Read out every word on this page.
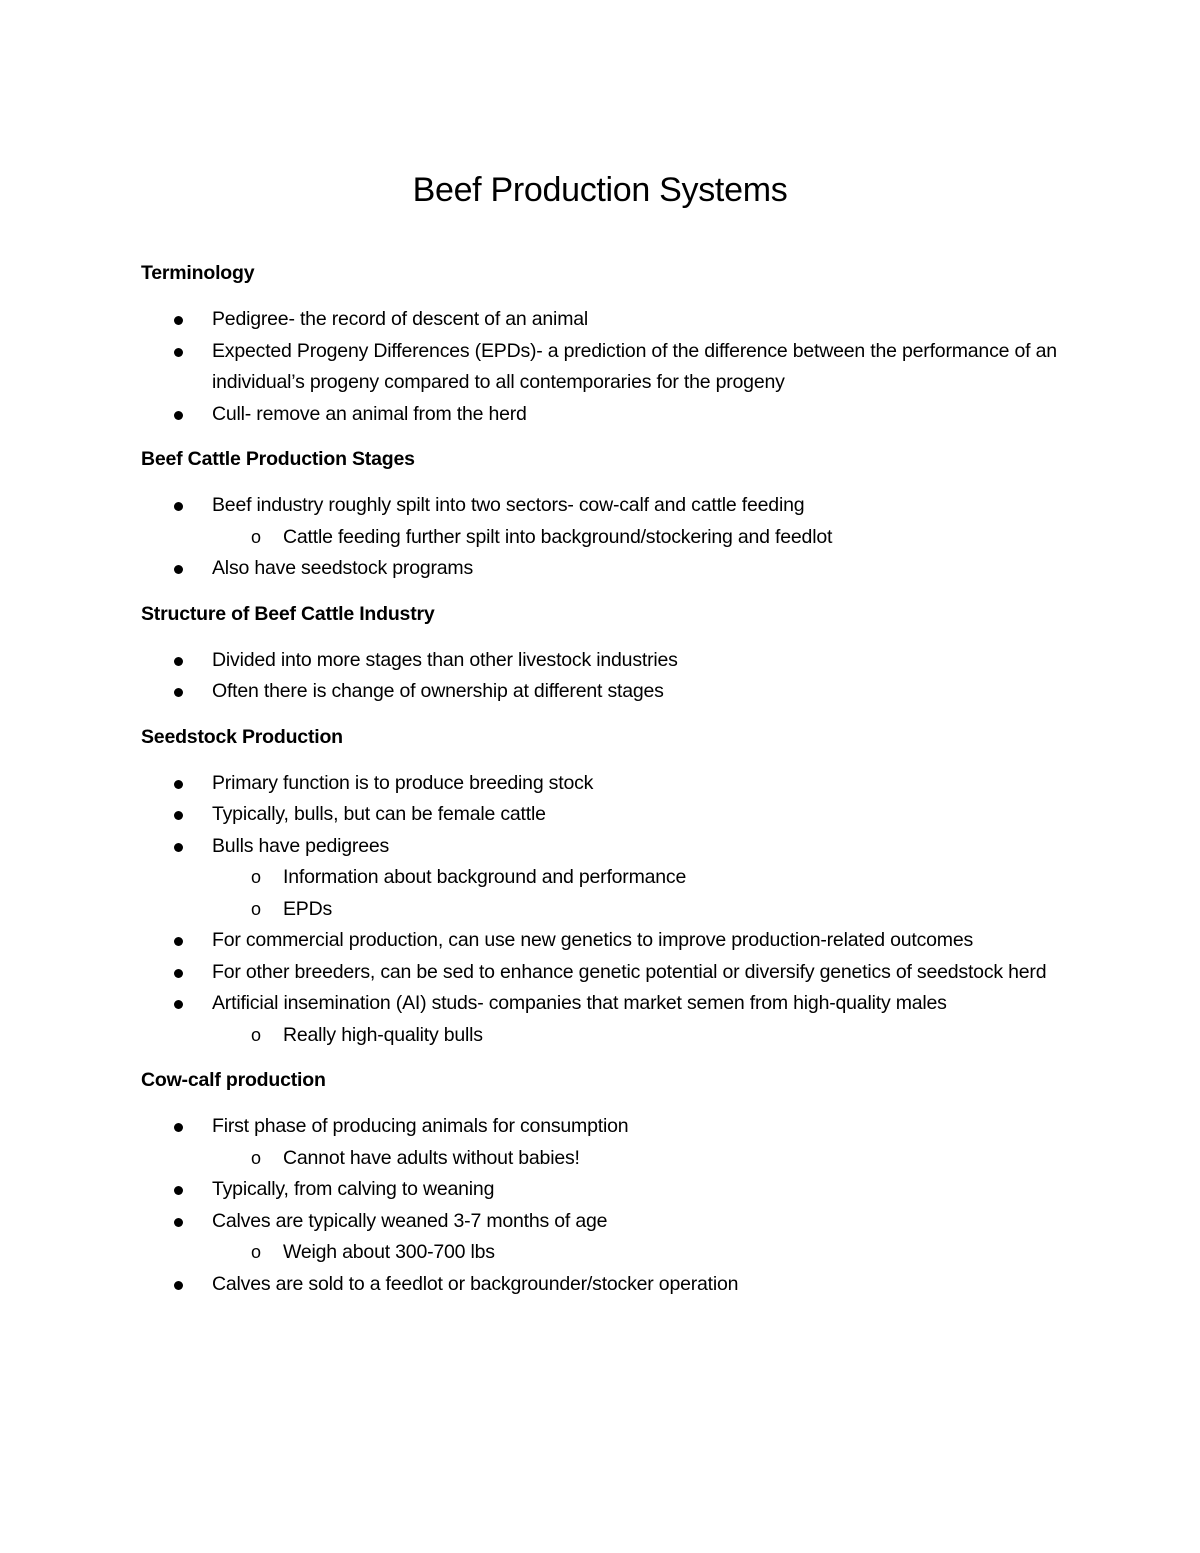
Beef Production Systems
Terminology
Pedigree- the record of descent of an animal
Expected Progeny Differences (EPDs)- a prediction of the difference between the performance of an individual’s progeny compared to all contemporaries for the progeny
Cull- remove an animal from the herd
Beef Cattle Production Stages
Beef industry roughly spilt into two sectors- cow-calf and cattle feeding
o Cattle feeding further spilt into background/stockering and feedlot
Also have seedstock programs
Structure of Beef Cattle Industry
Divided into more stages than other livestock industries
Often there is change of ownership at different stages
Seedstock Production
Primary function is to produce breeding stock
Typically, bulls, but can be female cattle
Bulls have pedigrees
o Information about background and performance
o EPDs
For commercial production, can use new genetics to improve production-related outcomes
For other breeders, can be sed to enhance genetic potential or diversify genetics of seedstock herd
Artificial insemination (AI) studs- companies that market semen from high-quality males
o Really high-quality bulls
Cow-calf production
First phase of producing animals for consumption
o Cannot have adults without babies!
Typically, from calving to weaning
Calves are typically weaned 3-7 months of age
o Weigh about 300-700 lbs
Calves are sold to a feedlot or backgrounder/stocker operation
